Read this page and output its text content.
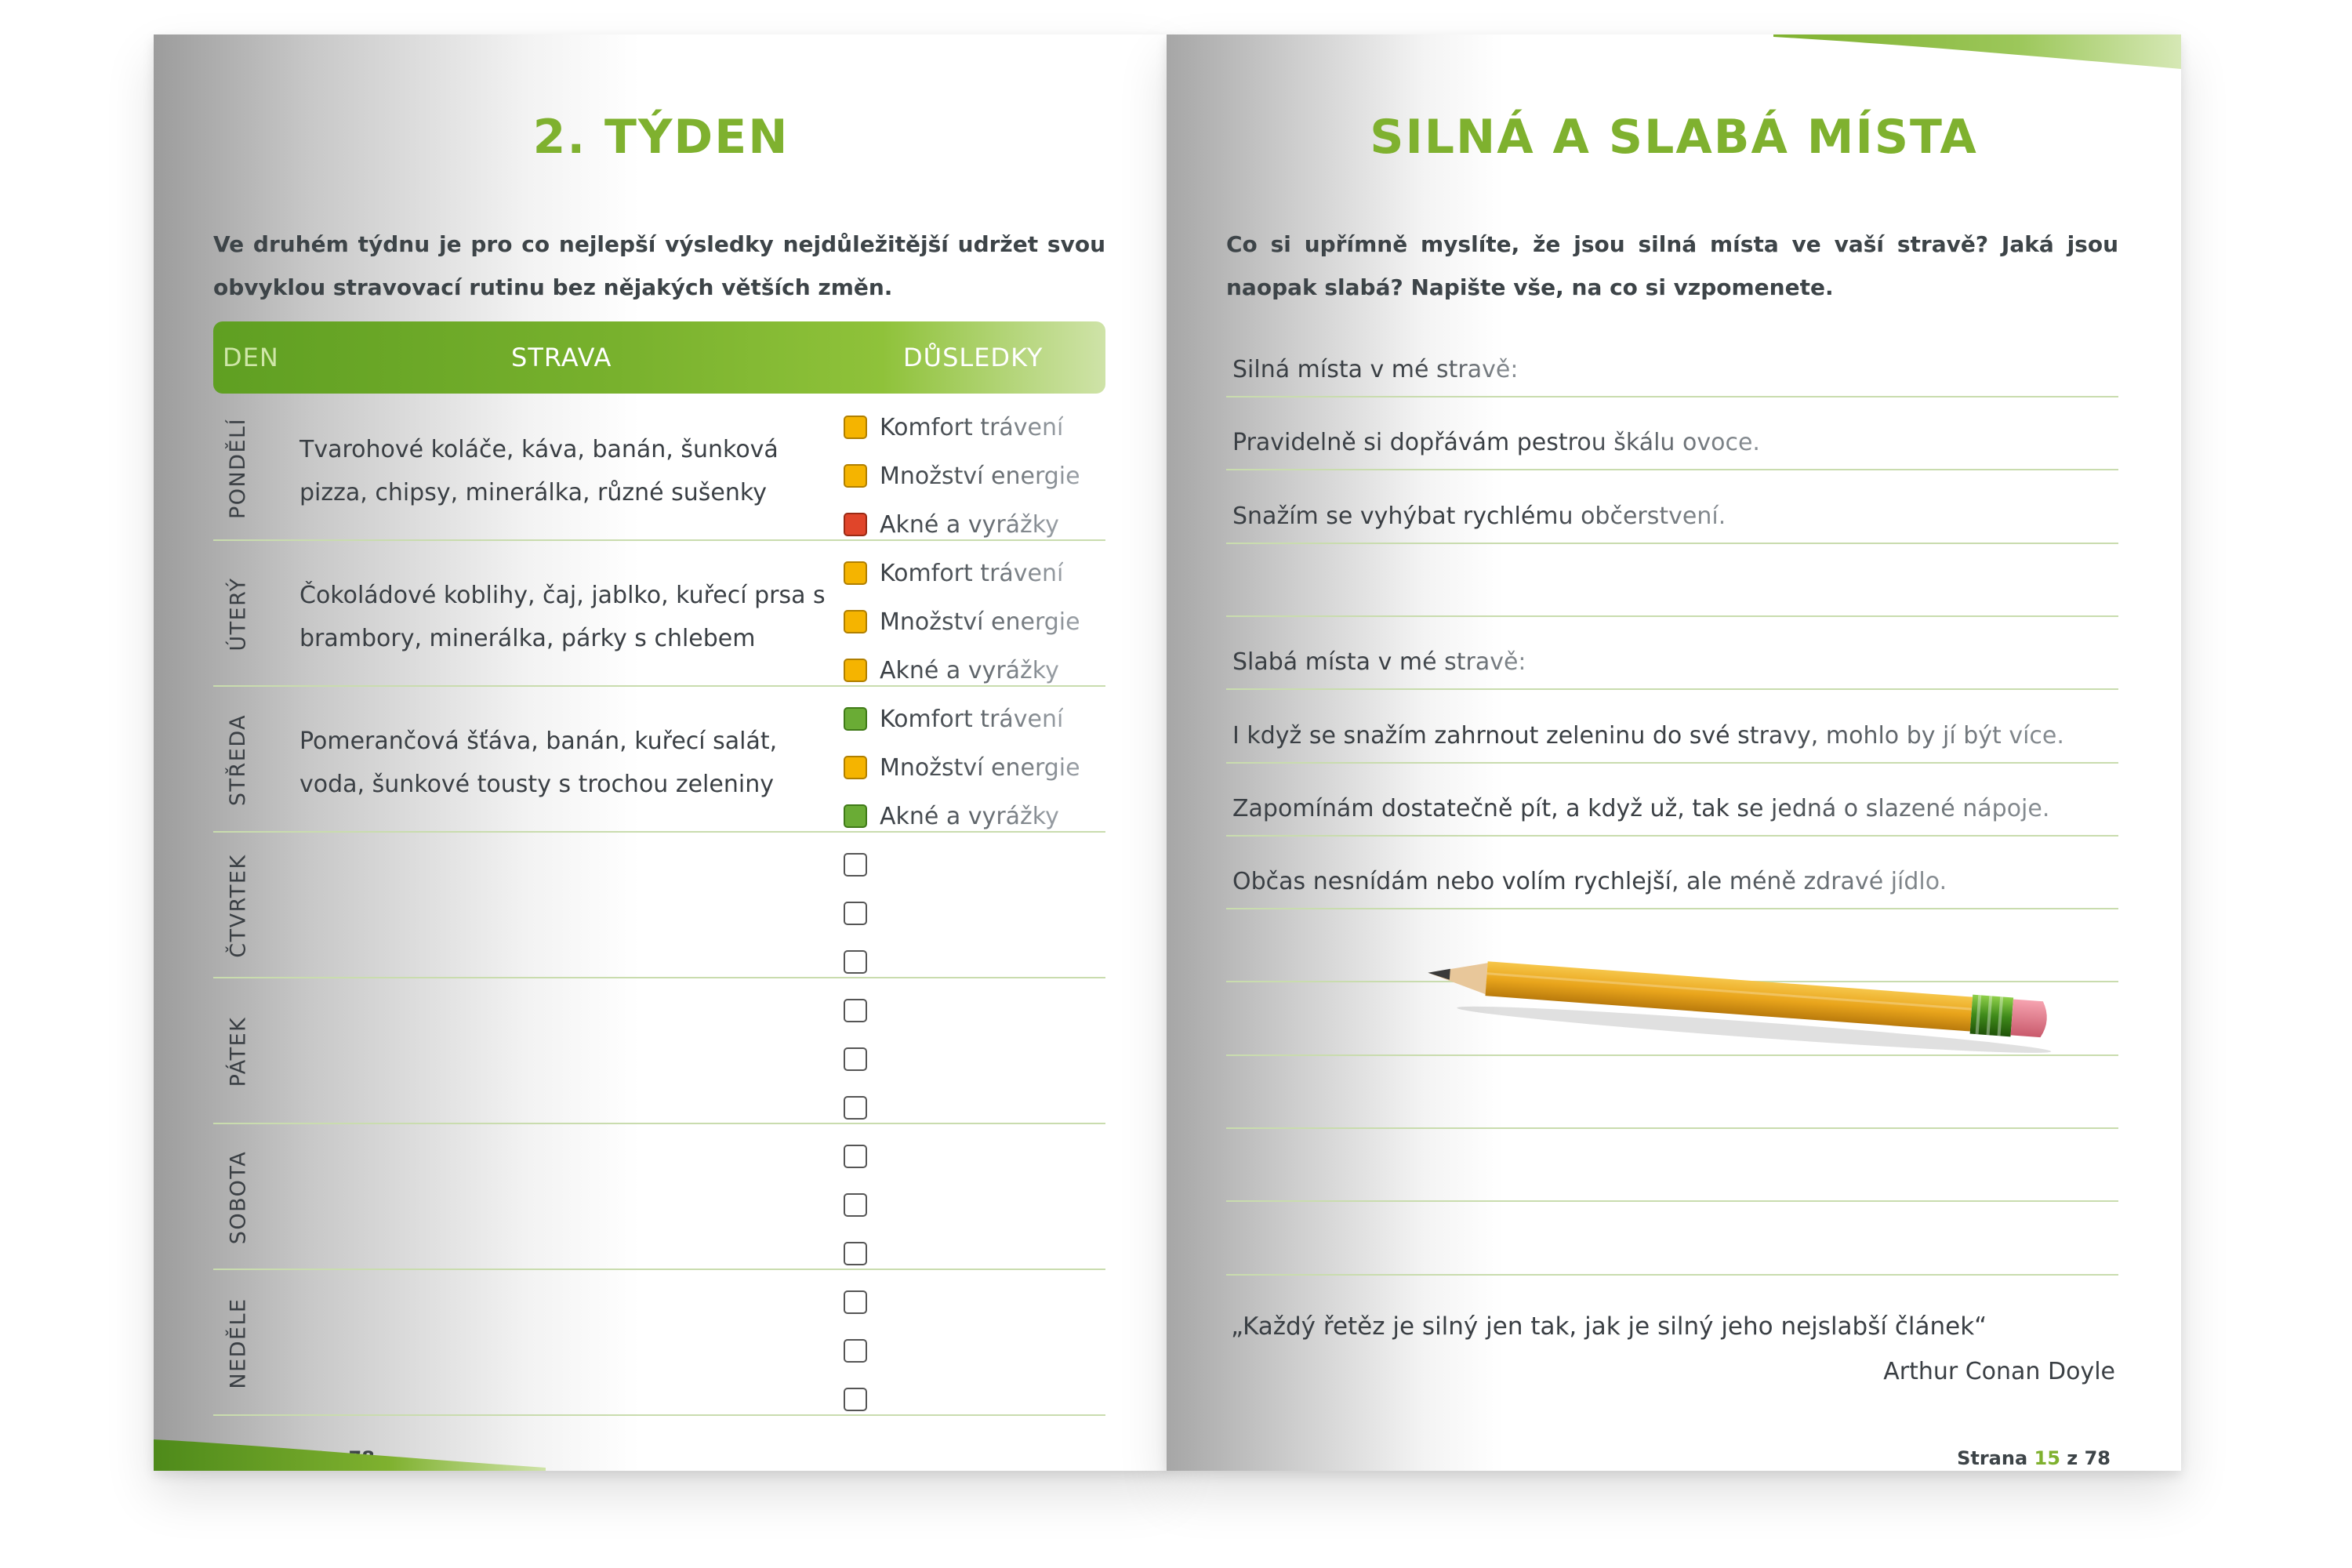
2. TÝDEN
Ve druhém týdnu je pro co nejlepší výsledky nejdůležitější udržet svou obvyklou stravovací rutinu bez nějakých větších změn.
DEN	STRAVA	DŮSLEDKY
PONDĚLÍ Tvarohové koláče, káva, banán, šunková pizza, chipsy, minerálka, různé sušenky
Komfort trávení
Množství energie
Akné a vyrážky
ÚTERÝ Čokoládové koblihy, čaj, jablko, kuřecí prsa s brambory, minerálka, párky s chlebem
Komfort trávení
Množství energie
Akné a vyrážky
STŘEDA Pomerančová šťáva, banán, kuřecí salát, voda, šunkové tousty s trochou zeleniny
Komfort trávení
Množství energie
Akné a vyrážky
ČTVRTEK
PÁTEK
SOBOTA
NEDĚLE
SILNÁ A SLABÁ MÍSTA
Co si upřímně myslíte, že jsou silná místa ve vaší stravě? Jaká jsou naopak slabá? Napište vše, na co si vzpomenete.
Silná místa v mé stravě:
Pravidelně si dopřávám pestrou škálu ovoce.
Snažím se vyhýbat rychlému občerstvení.
Slabá místa v mé stravě:
I když se snažím zahrnout zeleninu do své stravy, mohlo by jí být více.
Zapomínám dostatečně pít, a když už, tak se jedná o slazené nápoje.
Občas nesnídám nebo volím rychlejší, ale méně zdravé jídlo.
„Každý řetěz je silný jen tak, jak je silný jeho nejslabší článek“
Arthur Conan Doyle
Strana 15 z 78
